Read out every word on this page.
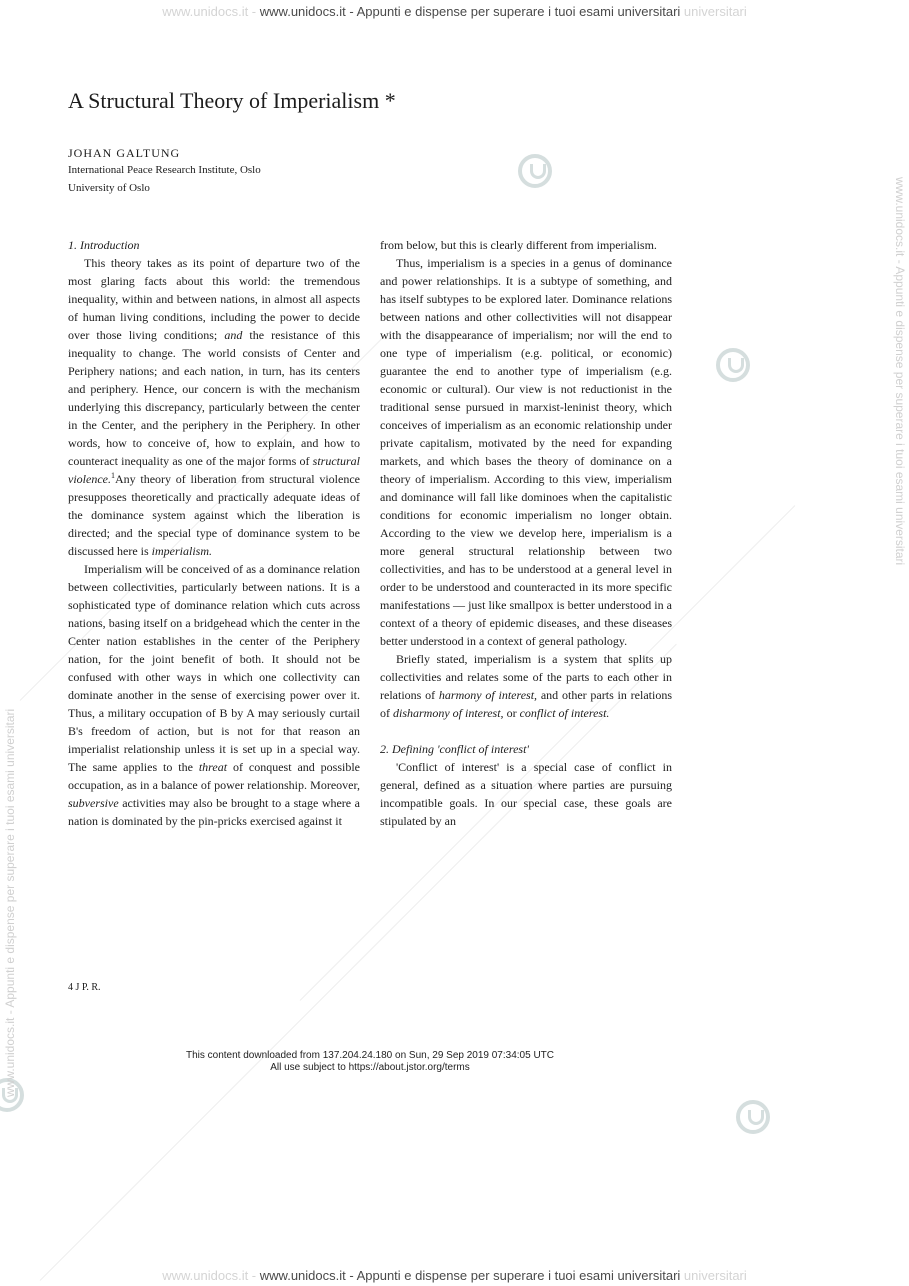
www.unidocs.it - www.unidocs.it - Appunti e dispense per superare i tuoi esami universitari universitari
www.unidocs.it - www.unidocs.it - Appunti e dispense per superare i tuoi esami universitari universitari
www.unidocs.it - Appunti e dispense per superare i tuoi esami universitari
www.unidocs.it - Appunti e dispense per superare i tuoi esami universitari
A Structural Theory of Imperialism *
JOHAN GALTUNG
International Peace Research Institute, Oslo
University of Oslo
1. Introduction

This theory takes as its point of departure two of the most glaring facts about this world: the tremendous inequality, within and between nations, in almost all aspects of human living conditions, including the power to decide over those living conditions; and the resistance of this inequality to change. The world consists of Center and Periphery nations; and each nation, in turn, has its centers and periphery. Hence, our concern is with the mechanism underlying this discrepancy, particularly between the center in the Center, and the periphery in the Periphery. In other words, how to conceive of, how to explain, and how to counteract inequality as one of the major forms of structural violence.$^1$Any theory of liberation from structural violence presupposes theoretically and practically adequate ideas of the dominance system against which the liberation is directed; and the special type of dominance system to be discussed here is imperialism.

Imperialism will be conceived of as a dominance relation between collectivities, particularly between nations. It is a sophisticated type of dominance relation which cuts across nations, basing itself on a bridgehead which the center in the Center nation establishes in the center of the Periphery nation, for the joint benefit of both. It should not be confused with other ways in which one collectivity can dominate another in the sense of exercising power over it. Thus, a military occupation of B by A may seriously curtail B's freedom of action, but is not for that reason an imperialist relationship unless it is set up in a special way. The same applies to the threat of conquest and possible occupation, as in a balance of power relationship. Moreover, subversive activities may also be brought to a stage where a nation is dominated by the pin-pricks exercised against it

4 J P. R.

from below, but this is clearly different from imperialism.

Thus, imperialism is a species in a genus of dominance and power relationships. It is a subtype of something, and has itself subtypes to be explored later. Dominance relations between nations and other collectivities will not disappear with the disappearance of imperialism; nor will the end to one type of imperialism (e.g. political, or economic) guarantee the end to another type of imperialism (e.g. economic or cultural). Our view is not reductionist in the traditional sense pursued in marxist-leninist theory, which conceives of imperialism as an economic relationship under private capitalism, motivated by the need for expanding markets, and which bases the theory of dominance on a theory of imperialism. According to this view, imperialism and dominance will fall like dominoes when the capitalistic conditions for economic imperialism no longer obtain. According to the view we develop here, imperialism is a more general structural relationship between two collectivities, and has to be understood at a general level in order to be understood and counteracted in its more specific manifestations — just like smallpox is better understood in a context of a theory of epidemic diseases, and these diseases better understood in a context of general pathology.

Briefly stated, imperialism is a system that splits up collectivities and relates some of the parts to each other in relations of harmony of interest, and other parts in relations of disharmony of interest, or conflict of interest.

2. Defining 'conflict of interest'

'Conflict of interest' is a special case of conflict in general, defined as a situation where parties are pursuing incompatible goals. In our special case, these goals are stipulated by an

This content downloaded from 137.204.24.180 on Sun, 29 Sep 2019 07:34:05 UTC
All use subject to https://about.jstor.org/terms
